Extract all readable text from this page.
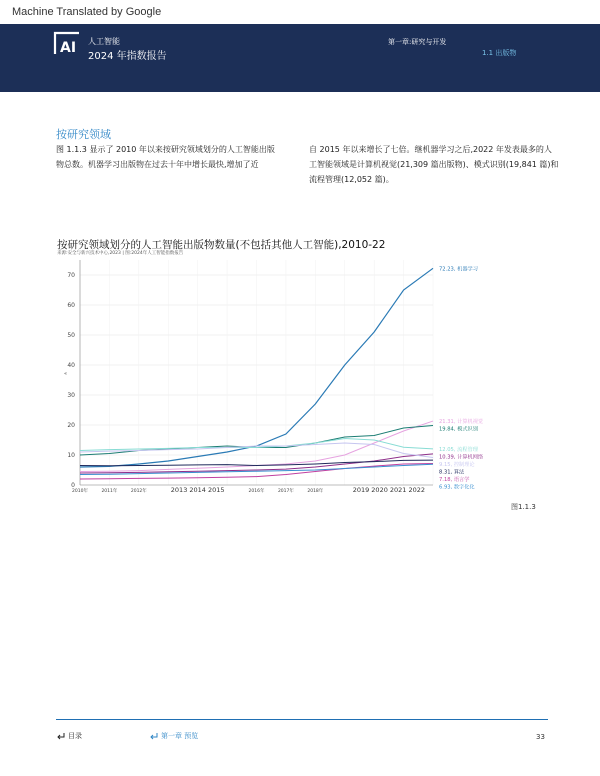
Machine Translated by Google
AI 人工智能
2024 年指数报告
第一章:研究与开发
1.1 出版物
按研究领域
图 1.1.3 显示了 2010 年以来按研究领域划分的人工智能出版物总数。机器学习出版物在过去十年中增长最快,增加了近
自 2015 年以来增长了七倍。继机器学习之后,2022 年发表最多的人工智能领域是计算机视觉(21,309 篇出版物)、模式识别(19,841 篇)和流程管理(12,052 篇)。
按研究领域划分的人工智能出版物数量(不包括其他人工智能),2010-22
来源:安全与新兴技术中心,2023 | 图:2024年人工智能指数报告
0
10
20
30
40
50
60
70
«
2010年	2011年	2012年	2016年	2017年	2018年
2013 2014 2015	2019 2020 2021 2022
72.23, 机器学习
21.31, 计算机视觉
19.84, 模式识别
12.05, 流程管理
10.39, 计算机网络
9.15, 控制理论
8.31, 算法
7.18, 语言学
6.93, 数字化化
图1.1.3
目录	第一章 预览	33
